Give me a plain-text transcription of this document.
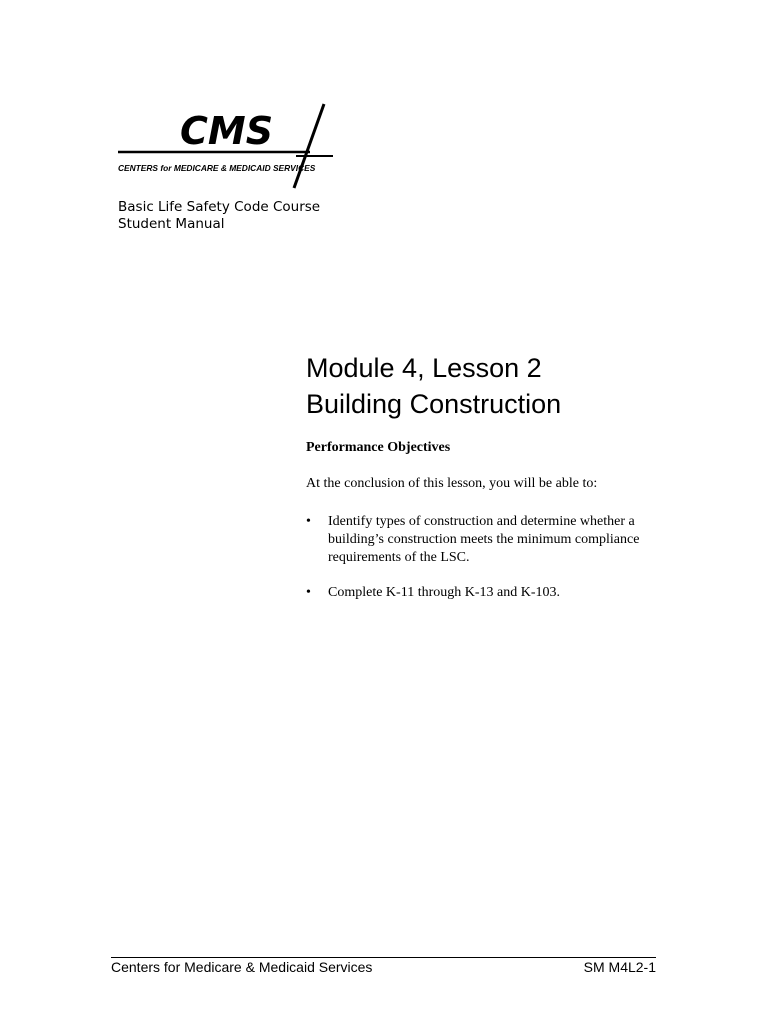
CMS
CENTERS for MEDICARE & MEDICAID SERVICES
Basic Life Safety Code Course
Student Manual
Module 4, Lesson 2
Building Construction
Performance Objectives
At the conclusion of this lesson, you will be able to:
• Identify types of construction and determine whether a building’s construction meets the minimum compliance requirements of the LSC.
• Complete K-11 through K-13 and K-103.
Centers for Medicare & Medicaid Services	SM M4L2-1
